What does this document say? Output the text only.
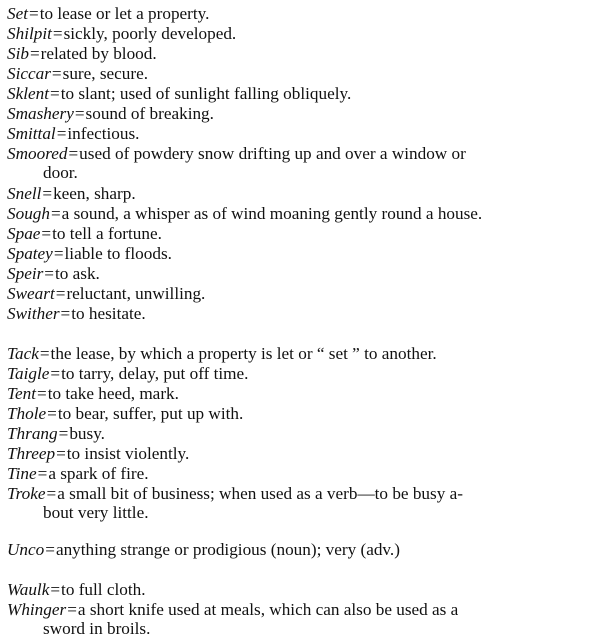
Set=to lease or let a property.
Shilpit=sickly, poorly developed.
Sib=related by blood.
Siccar=sure, secure.
Sklent=to slant; used of sunlight falling obliquely.
Smashery=sound of breaking.
Smittal=infectious.
Smoored=used of powdery snow drifting up and over a window or
door.
Snell=keen, sharp.
Sough=a sound, a whisper as of wind moaning gently round a house.
Spae=to tell a fortune.
Spatey=liable to floods.
Speir=to ask.
Sweart=reluctant, unwilling.
Swither=to hesitate.
Tack=the lease, by which a property is let or “ set ” to another.
Taigle=to tarry, delay, put off time.
Tent=to take heed, mark.
Thole=to bear, suffer, put up with.
Thrang=busy.
Threep=to insist violently.
Tine=a spark of fire.
Troke=a small bit of business; when used as a verb—to be busy a-
bout very little.
Unco=anything strange or prodigious (noun); very (adv.)
Waulk=to full cloth.
Whinger=a short knife used at meals, which can also be used as a
sword in broils.
